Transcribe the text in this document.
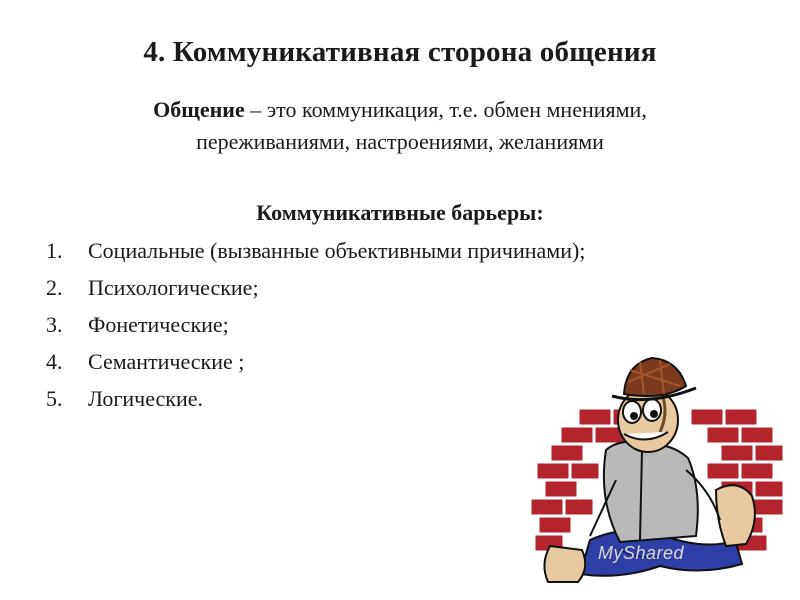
4. Коммуникативная сторона общения
Общение – это коммуникация, т.е. обмен мнениями, переживаниями, настроениями, желаниями
Коммуникативные барьеры:
1. Социальные (вызванные объективными причинами);
2. Психологические;
3. Фонетические;
4. Семантические ;
5. Логические.
MyShared
